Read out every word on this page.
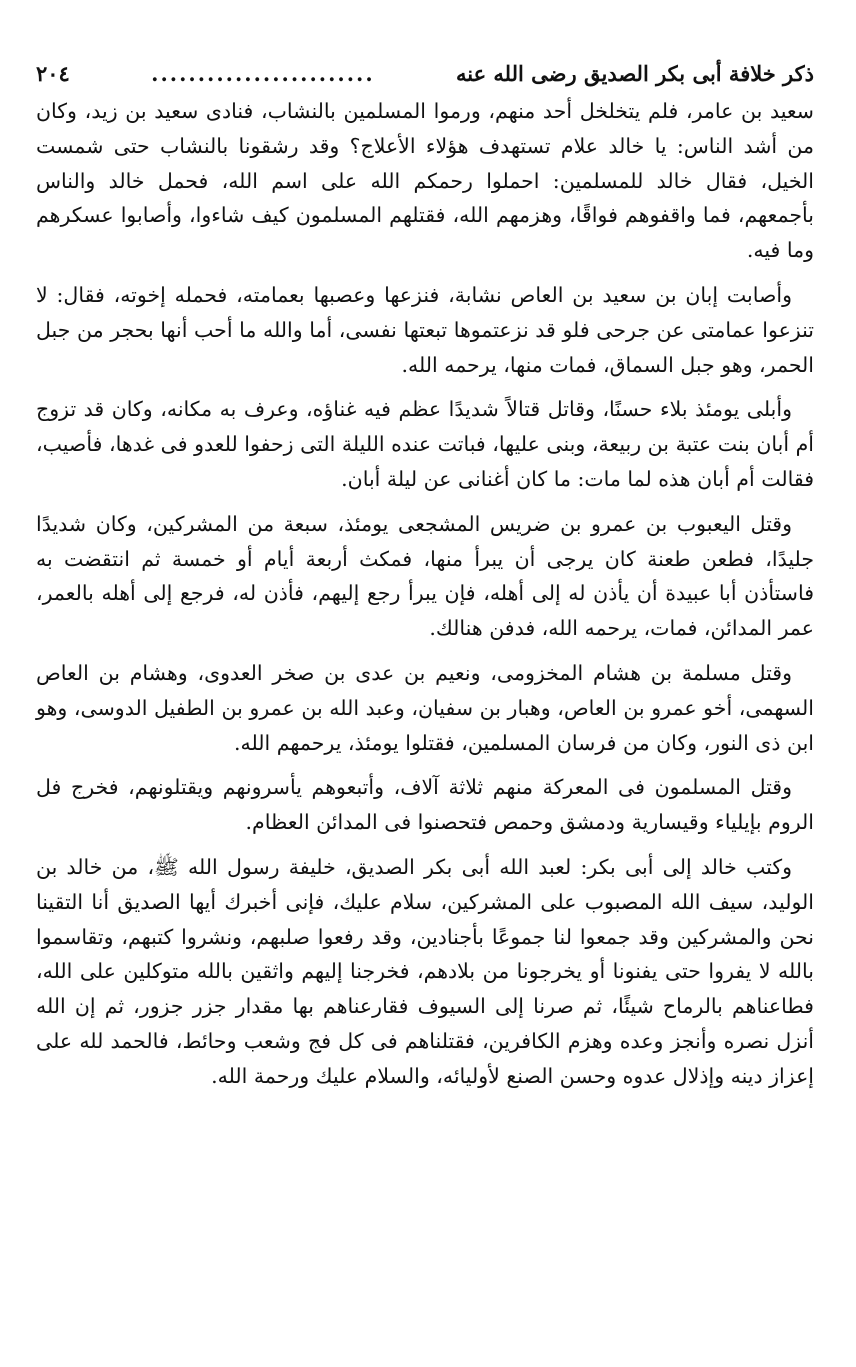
ذكر خلافة أبى بكر الصديق رضى الله عنه
........................
٢٠٤

سعيد بن عامر، فلم يتخلخل أحد منهم، ورموا المسلمين بالنشاب، فنادى سعيد بن زيد، وكان من أشد الناس: يا خالد علام تستهدف هؤلاء الأعلاج؟ وقد رشقونا بالنشاب حتى شمست الخيل، فقال خالد للمسلمين: احملوا رحمكم الله على اسم الله، فحمل خالد والناس بأجمعهم، فما واقفوهم فواقًا، وهزمهم الله، فقتلهم المسلمون كيف شاءوا، وأصابوا عسكرهم وما فيه.

وأصابت إبان بن سعيد بن العاص نشابة، فنزعها وعصبها بعمامته، فحمله إخوته، فقال: لا تنزعوا عمامتى عن جرحى فلو قد نزعتموها تبعتها نفسى، أما والله ما أحب أنها بحجر من جبل الحمر، وهو جبل السماق، فمات منها، يرحمه الله.

وأبلى يومئذ بلاء حسنًا، وقاتل قتالاً شديدًا عظم فيه غناؤه، وعرف به مكانه، وكان قد تزوج أم أبان بنت عتبة بن ربيعة، وبنى عليها، فباتت عنده الليلة التى زحفوا للعدو فى غدها، فأصيب، فقالت أم أبان هذه لما مات: ما كان أغنانى عن ليلة أبان.

وقتل اليعبوب بن عمرو بن ضريس المشجعى يومئذ، سبعة من المشركين، وكان شديدًا جليدًا، فطعن طعنة كان يرجى أن يبرأ منها، فمكث أربعة أيام أو خمسة ثم انتقضت به فاستأذن أبا عبيدة أن يأذن له إلى أهله، فإن يبرأ رجع إليهم، فأذن له، فرجع إلى أهله بالعمر، عمر المدائن، فمات، يرحمه الله، فدفن هنالك.

وقتل مسلمة بن هشام المخزومى، ونعيم بن عدى بن صخر العدوى، وهشام بن العاص السهمى، أخو عمرو بن العاص، وهبار بن سفيان، وعبد الله بن عمرو بن الطفيل الدوسى، وهو ابن ذى النور، وكان من فرسان المسلمين، فقتلوا يومئذ، يرحمهم الله.

وقتل المسلمون فى المعركة منهم ثلاثة آلاف، وأتبعوهم يأسرونهم ويقتلونهم، فخرج فل الروم بإيلياء وقيسارية ودمشق وحمص فتحصنوا فى المدائن العظام.

وكتب خالد إلى أبى بكر: لعبد الله أبى بكر الصديق، خليفة رسول الله ﷺ، من خالد بن الوليد، سيف الله المصبوب على المشركين، سلام عليك، فإنى أخبرك أيها الصديق أنا التقينا نحن والمشركين وقد جمعوا لنا جموعًا بأجنادين، وقد رفعوا صلبهم، ونشروا كتبهم، وتقاسموا بالله لا يفروا حتى يفنونا أو يخرجونا من بلادهم، فخرجنا إليهم واثقين بالله متوكلين على الله، فطاعناهم بالرماح شيئًا، ثم صرنا إلى السيوف فقارعناهم بها مقدار جزر جزور، ثم إن الله أنزل نصره وأنجز وعده وهزم الكافرين، فقتلناهم فى كل فج وشعب وحائط، فالحمد لله على إعزاز دينه وإذلال عدوه وحسن الصنع لأوليائه، والسلام عليك ورحمة الله.
